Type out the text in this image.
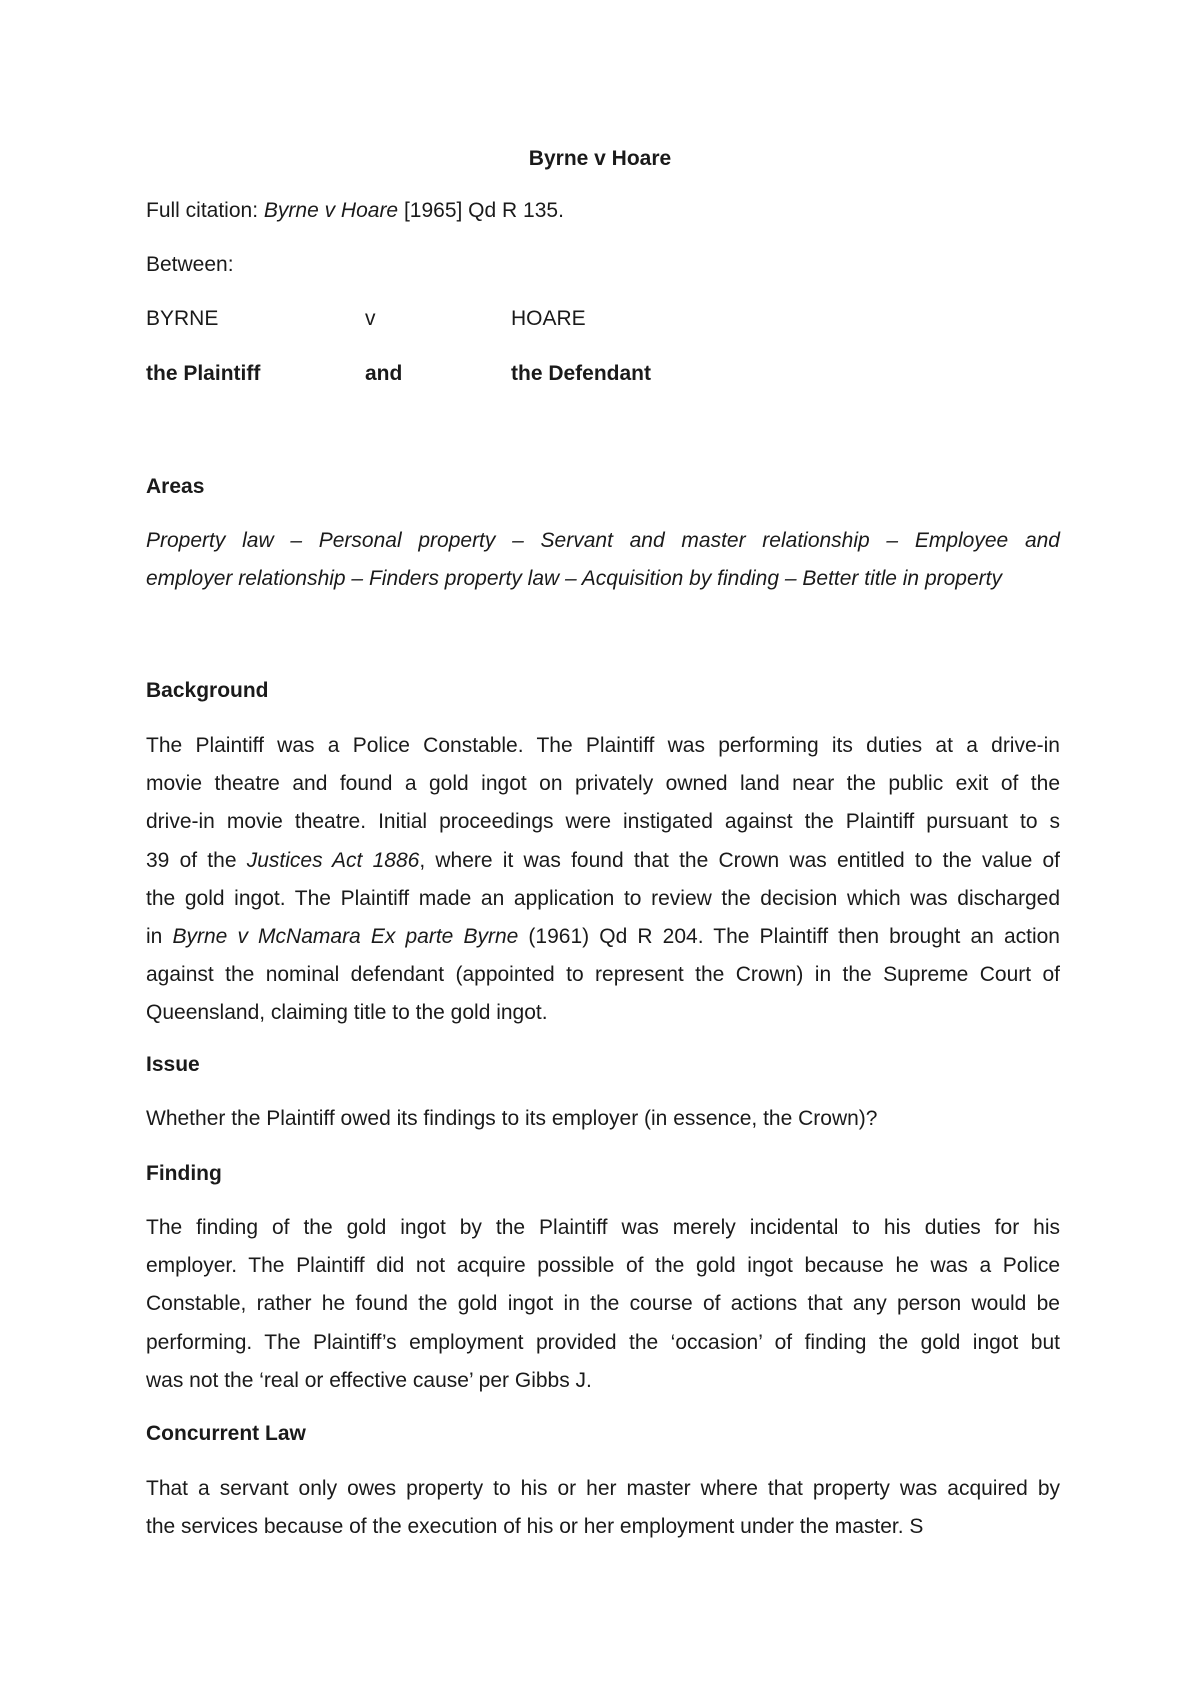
Byrne v Hoare
Full citation: Byrne v Hoare [1965] Qd R 135.
Between:
BYRNE	v	HOARE
the Plaintiff	and	the Defendant
Areas
Property law – Personal property – Servant and master relationship – Employee and
employer relationship – Finders property law – Acquisition by finding – Better title in property
Background
The Plaintiff was a Police Constable. The Plaintiff was performing its duties at a drive-in
movie theatre and found a gold ingot on privately owned land near the public exit of the
drive-in movie theatre. Initial proceedings were instigated against the Plaintiff pursuant to s
39 of the Justices Act 1886, where it was found that the Crown was entitled to the value of
the gold ingot. The Plaintiff made an application to review the decision which was discharged
in Byrne v McNamara Ex parte Byrne (1961) Qd R 204. The Plaintiff then brought an action
against the nominal defendant (appointed to represent the Crown) in the Supreme Court of
Queensland, claiming title to the gold ingot.
Issue
Whether the Plaintiff owed its findings to its employer (in essence, the Crown)?
Finding
The finding of the gold ingot by the Plaintiff was merely incidental to his duties for his
employer. The Plaintiff did not acquire possible of the gold ingot because he was a Police
Constable, rather he found the gold ingot in the course of actions that any person would be
performing. The Plaintiff’s employment provided the ‘occasion’ of finding the gold ingot but
was not the ‘real or effective cause’ per Gibbs J.
Concurrent Law
That a servant only owes property to his or her master where that property was acquired by
the services because of the execution of his or her employment under the master. S
